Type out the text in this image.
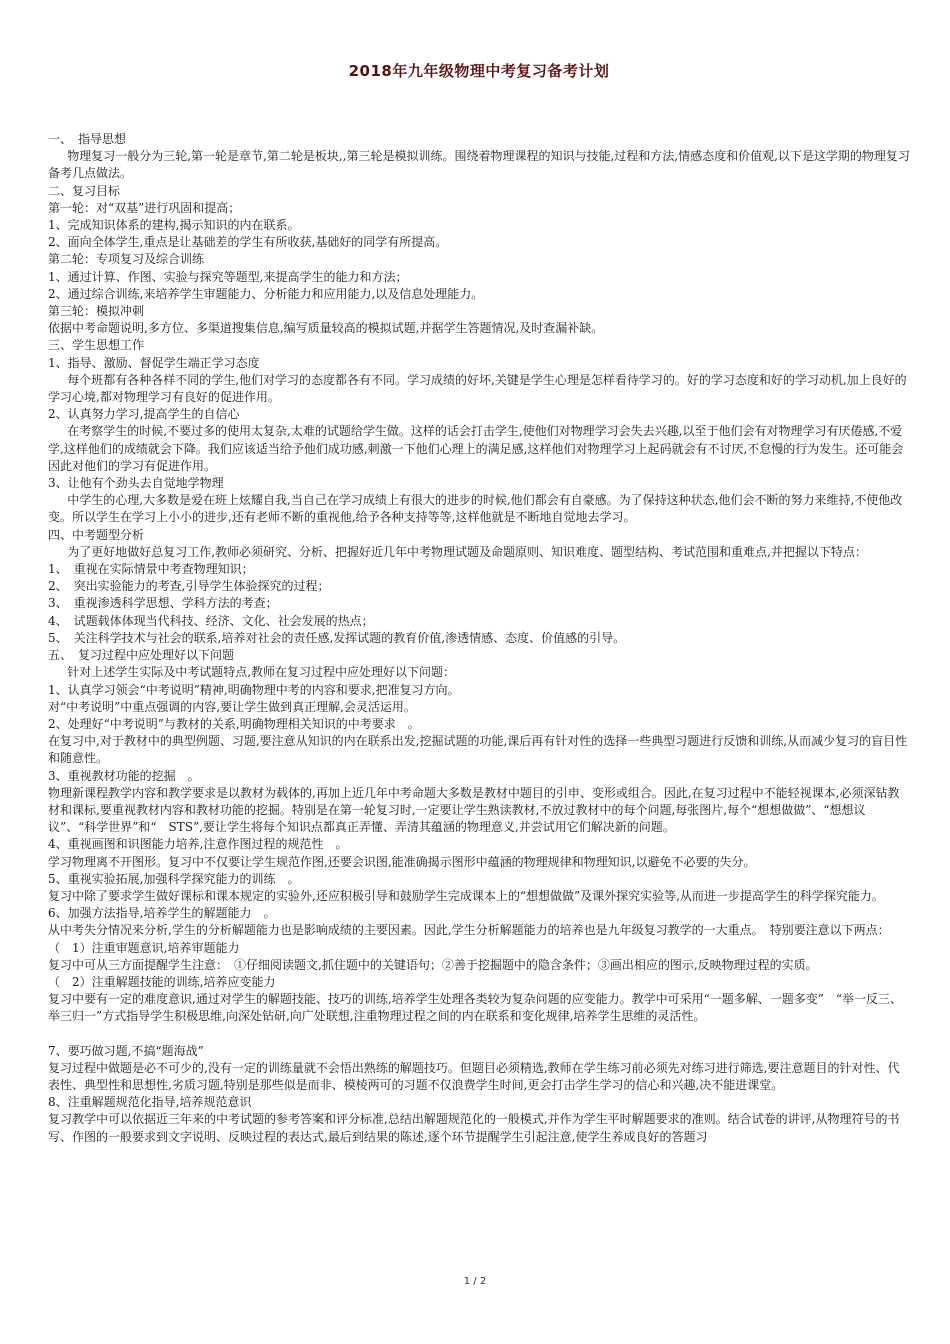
2018年九年级物理中考复习备考计划

一、　指导思想

物理复习一般分为三轮,第一轮是章节,第二轮是板块,,第三轮是模拟训练。围绕着物理课程的知识与技能,过程和方法,情感态度和价值观,以下是这学期的物理复习备考几点做法。

二、复习目标

第一轮：对“双基”进行巩固和提高；

1、完成知识体系的建构,揭示知识的内在联系。

2、面向全体学生,重点是让基础差的学生有所收获,基础好的同学有所提高。

第二轮：专项复习及综合训练

1、通过计算、作图、实验与探究等题型,来提高学生的能力和方法；

2、通过综合训练,来培养学生审题能力、分析能力和应用能力,以及信息处理能力。

第三轮：模拟冲刺

依据中考命题说明,多方位、多渠道搜集信息,编写质量较高的模拟试题,并据学生答题情况,及时查漏补缺。

三、学生思想工作

1、指导、激励、督促学生端正学习态度

每个班都有各种各样不同的学生,他们对学习的态度都各有不同。学习成绩的好坏,关键是学生心理是怎样看待学习的。好的学习态度和好的学习动机,加上良好的学习心境,都对物理学习有良好的促进作用。

2、认真努力学习,提高学生的自信心

在考察学生的时候,不要过多的使用太复杂,太难的试题给学生做。这样的话会打击学生,使他们对物理学习会失去兴趣,以至于他们会有对物理学习有厌倦感,不爱学,这样他们的成绩就会下降。我们应该适当给予他们成功感,刺激一下他们心理上的满足感,这样他们对物理学习上起码就会有不讨厌,不怠慢的行为发生。还可能会因此对他们的学习有促进作用。

3、让他有个劲头去自觉地学物理

中学生的心理,大多数是爱在班上炫耀自我,当自己在学习成绩上有很大的进步的时候,他们都会有自豪感。为了保持这种状态,他们会不断的努力来维持,不使他改变。所以学生在学习上小小的进步,还有老师不断的重视他,给予各种支持等等,这样他就是不断地自觉地去学习。

四、中考题型分析

为了更好地做好总复习工作,教师必须研究、分析、把握好近几年中考物理试题及命题原则、知识难度、题型结构、考试范围和重难点,并把握以下特点：

1、　重视在实际情景中考查物理知识；

2、　突出实验能力的考查,引导学生体验探究的过程；

3、　重视渗透科学思想、学科方法的考查；

4、　试题载体体现当代科技、经济、文化、社会发展的热点；

5、　关注科学技术与社会的联系,培养对社会的责任感,发挥试题的教育价值,渗透情感、态度、价值感的引导。

五、　复习过程中应处理好以下问题

针对上述学生实际及中考试题特点,教师在复习过程中应处理好以下问题：

1、认真学习领会“中考说明”精神,明确物理中考的内容和要求,把准复习方向。

对“中考说明”中重点强调的内容,要让学生做到真正理解,会灵活运用。

2、处理好“中考说明”与教材的关系,明确物理相关知识的中考要求　。

在复习中,对于教材中的典型例题、习题,要注意从知识的内在联系出发,挖掘试题的功能,课后再有针对性的选择一些典型习题进行反馈和训练,从而减少复习的盲目性和随意性。

3、重视教材功能的挖掘　。

物理新课程教学内容和教学要求是以教材为载体的,再加上近几年中考命题大多数是教材中题目的引申、变形或组合。因此,在复习过程中不能轻视课本,必须深钻教材和课标,要重视教材内容和教材功能的挖掘。特别是在第一轮复习时,一定要让学生熟读教材,不放过教材中的每个问题,每张图片,每个“想想做做”、“想想议议”、“科学世界”和“　STS”,要让学生将每个知识点都真正弄懂、弄清其蕴涵的物理意义,并尝试用它们解决新的问题。

4、重视画图和识图能力培养,注意作图过程的规范性　。

学习物理离不开图形。复习中不仅要让学生规范作图,还要会识图,能准确揭示图形中蕴涵的物理规律和物理知识,以避免不必要的失分。

5、重视实验拓展,加强科学探究能力的训练　。

复习中除了要求学生做好课标和课本规定的实验外,还应积极引导和鼓励学生完成课本上的“想想做做”及课外探究实验等,从而进一步提高学生的科学探究能力。

6、加强方法指导,培养学生的解题能力　。

从中考失分情况来分析,学生的分析解题能力也是影响成绩的主要因素。因此,学生分析解题能力的培养也是九年级复习教学的一大重点。　特别要注意以下两点：

（　1）注重审题意识,培养审题能力

复习中可从三方面提醒学生注意：　①仔细阅读题文,抓住题中的关键语句；②善于挖掘题中的隐含条件；③画出相应的图示,反映物理过程的实质。

（　2）注重解题技能的训练,培养应变能力

复习中要有一定的难度意识,通过对学生的解题技能、技巧的训练,培养学生处理各类较为复杂问题的应变能力。教学中可采用“一题多解、一题多变”　“举一反三、举三归一”方式指导学生积极思维,向深处钻研,向广处联想,注重物理过程之间的内在联系和变化规律,培养学生思维的灵活性。

7、要巧做习题,不搞“题海战”

复习过程中做题是必不可少的,没有一定的训练量就不会悟出熟练的解题技巧。但题目必须精选,教师在学生练习前必须先对练习进行筛选,要注意题目的针对性、代表性、典型性和思想性,劣质习题,特别是那些似是而非、模棱两可的习题不仅浪费学生时间,更会打击学生学习的信心和兴趣,决不能进课堂。

8、注重解题规范化指导,培养规范意识

复习教学中可以依据近三年来的中考试题的参考答案和评分标准,总结出解题规范化的一般模式,并作为学生平时解题要求的准则。结合试卷的讲评,从物理符号的书写、作图的一般要求到文字说明、反映过程的表达式,最后到结果的陈述,逐个环节提醒学生引起注意,使学生养成良好的答题习

1 / 2
